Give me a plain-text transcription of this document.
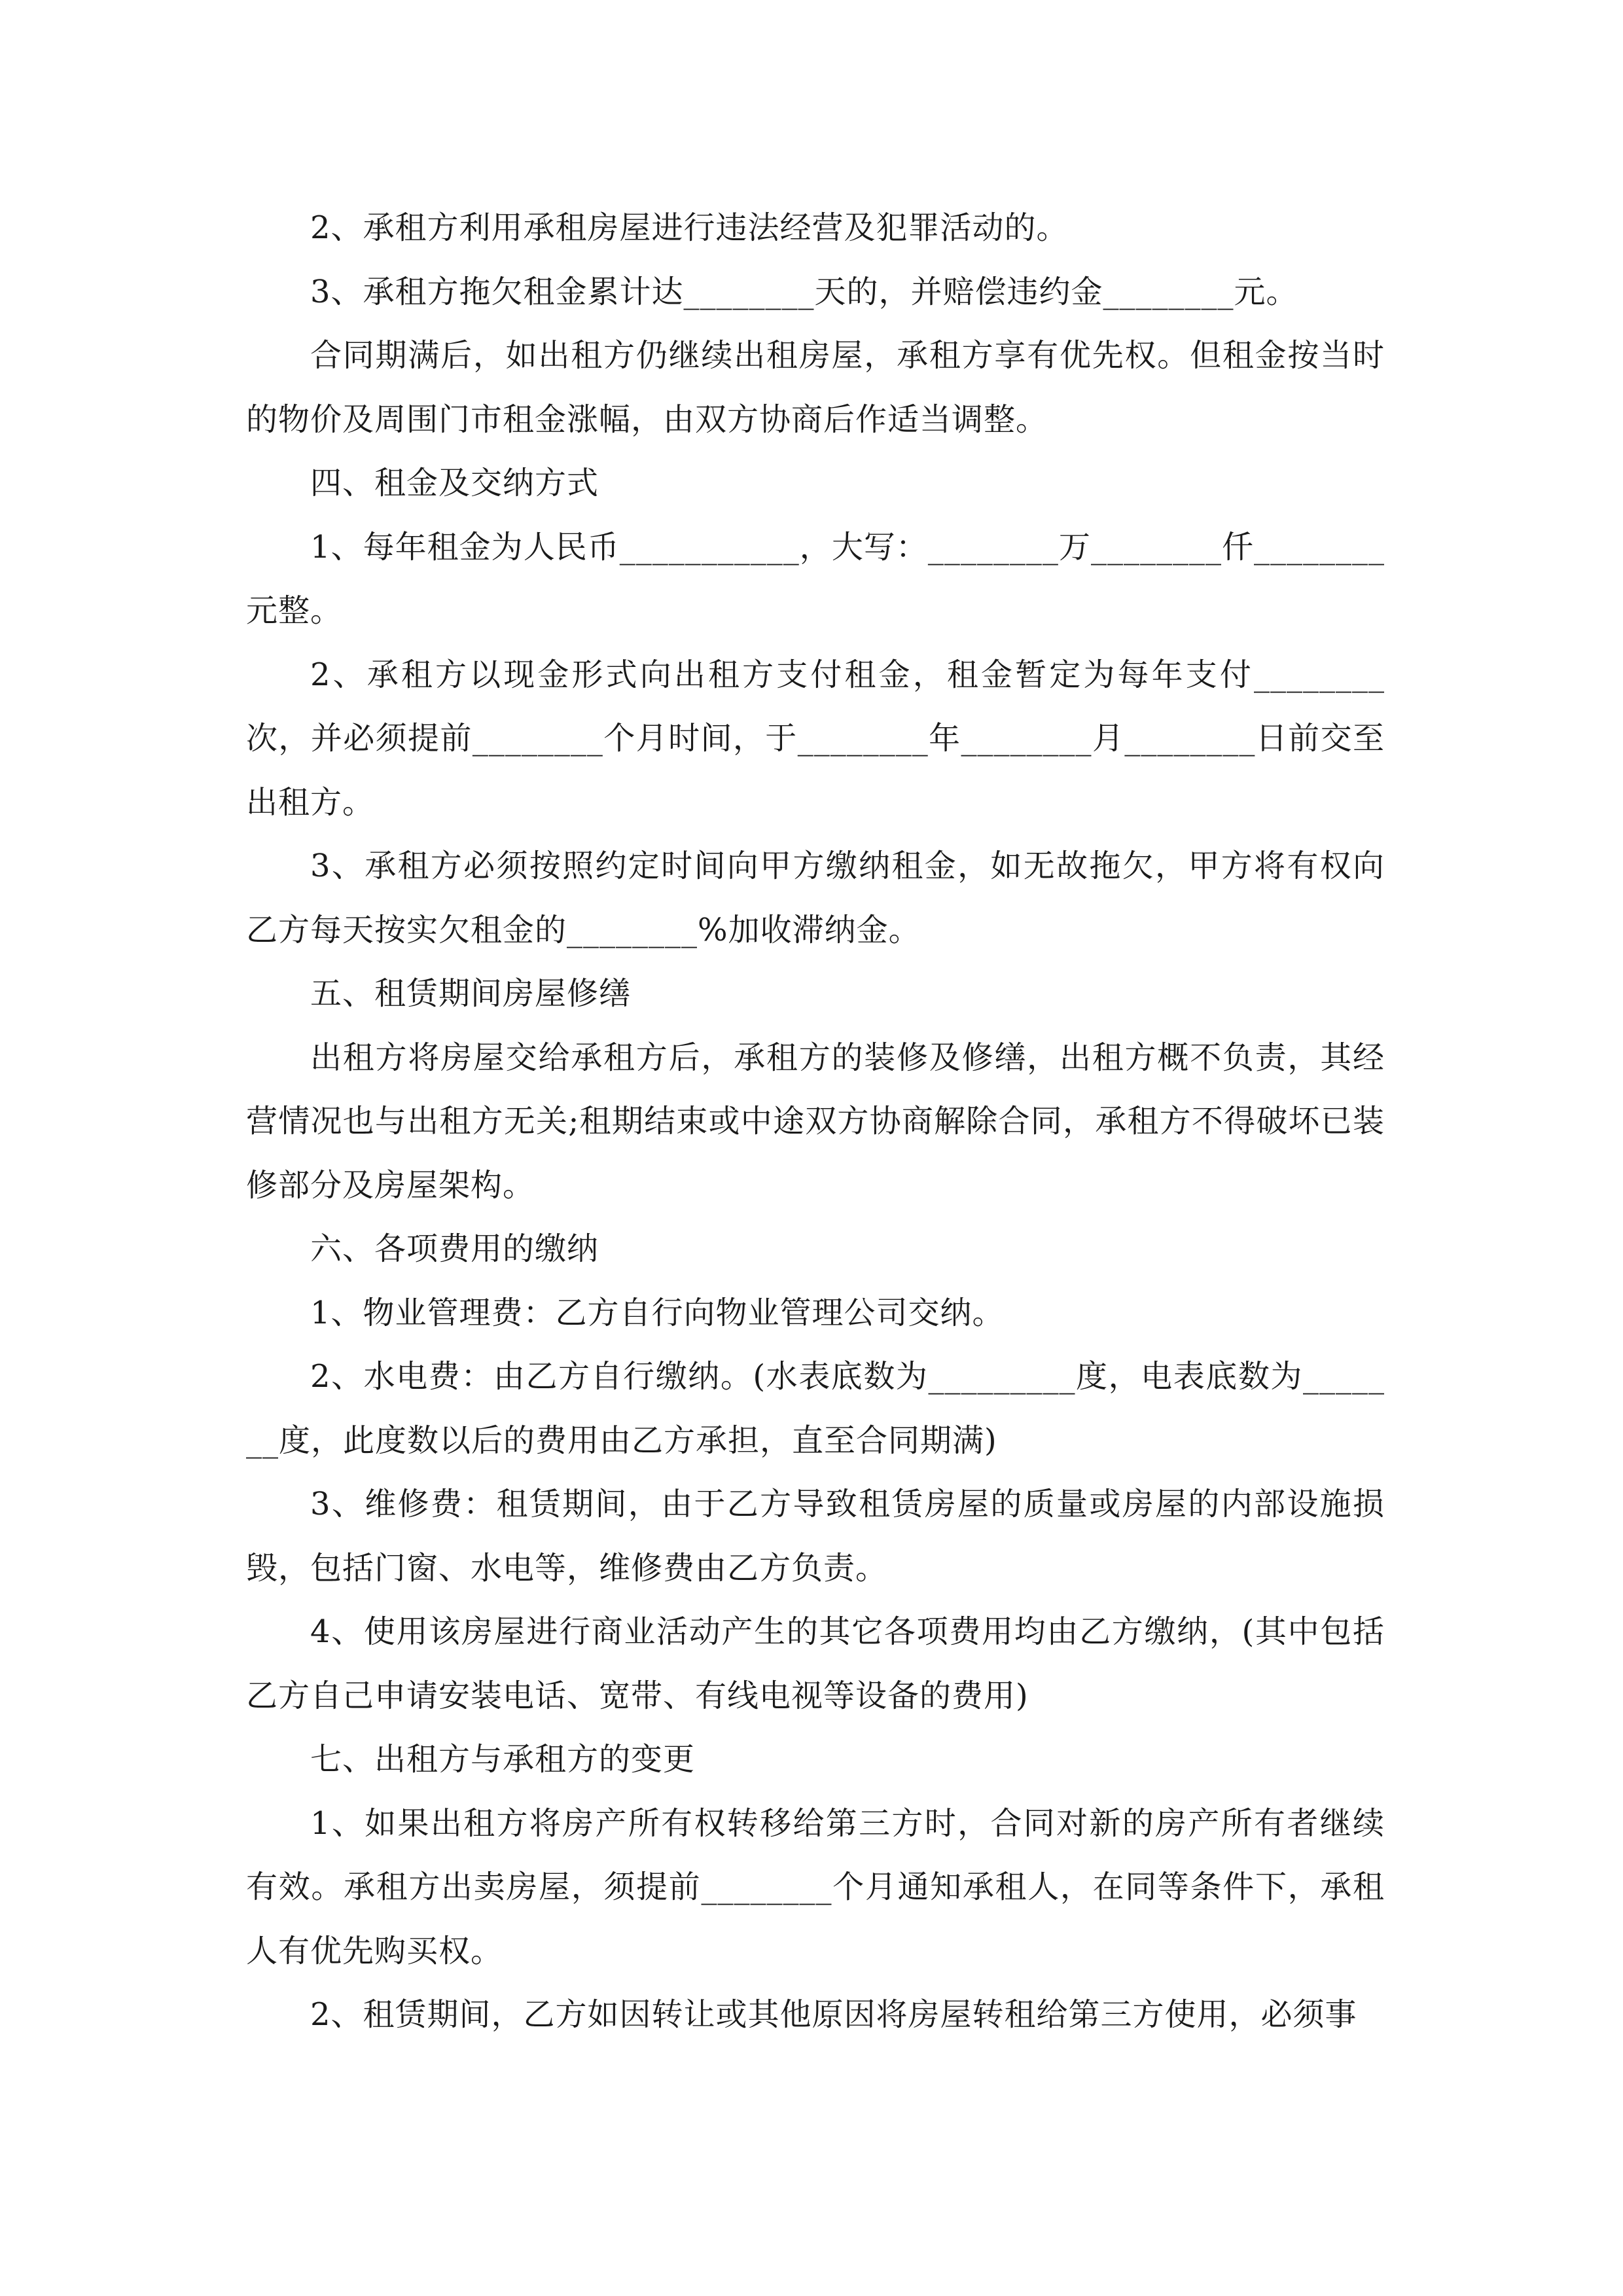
2、承租方利用承租房屋进行违法经营及犯罪活动的。

3、承租方拖欠租金累计达________天的，并赔偿违约金________元。

合同期满后，如出租方仍继续出租房屋，承租方享有优先权。但租金按当时的物价及周围门市租金涨幅，由双方协商后作适当调整。

四、租金及交纳方式

1、每年租金为人民币___________，大写：________万________仟________元整。

2、承租方以现金形式向出租方支付租金，租金暂定为每年支付________次，并必须提前________个月时间，于________年________月________日前交至出租方。

3、承租方必须按照约定时间向甲方缴纳租金，如无故拖欠，甲方将有权向乙方每天按实欠租金的________%加收滞纳金。

五、租赁期间房屋修缮

出租方将房屋交给承租方后，承租方的装修及修缮，出租方概不负责，其经营情况也与出租方无关;租期结束或中途双方协商解除合同，承租方不得破坏已装修部分及房屋架构。

六、各项费用的缴纳

1、物业管理费：乙方自行向物业管理公司交纳。

2、水电费：由乙方自行缴纳。(水表底数为_________度，电表底数为_______度，此度数以后的费用由乙方承担，直至合同期满)

3、维修费：租赁期间，由于乙方导致租赁房屋的质量或房屋的内部设施损毁，包括门窗、水电等，维修费由乙方负责。

4、使用该房屋进行商业活动产生的其它各项费用均由乙方缴纳，(其中包括乙方自己申请安装电话、宽带、有线电视等设备的费用)

七、出租方与承租方的变更

1、如果出租方将房产所有权转移给第三方时，合同对新的房产所有者继续有效。承租方出卖房屋，须提前________个月通知承租人，在同等条件下，承租人有优先购买权。

2、租赁期间，乙方如因转让或其他原因将房屋转租给第三方使用，必须事
